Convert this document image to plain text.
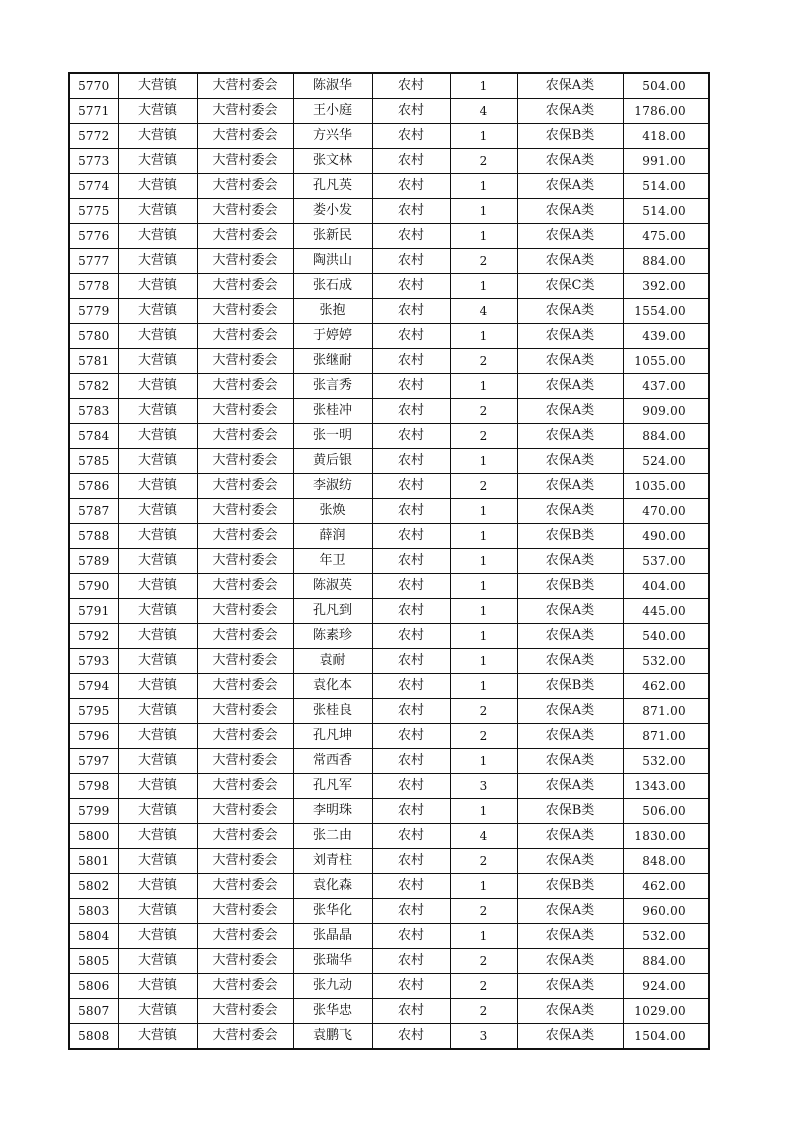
5770	大营镇	大营村委会	陈淑华	农村	1	农保A类	504.00
5771	大营镇	大营村委会	王小庭	农村	4	农保A类	1786.00
5772	大营镇	大营村委会	方兴华	农村	1	农保B类	418.00
5773	大营镇	大营村委会	张文林	农村	2	农保A类	991.00
5774	大营镇	大营村委会	孔凡英	农村	1	农保A类	514.00
5775	大营镇	大营村委会	娄小发	农村	1	农保A类	514.00
5776	大营镇	大营村委会	张新民	农村	1	农保A类	475.00
5777	大营镇	大营村委会	陶洪山	农村	2	农保A类	884.00
5778	大营镇	大营村委会	张石成	农村	1	农保C类	392.00
5779	大营镇	大营村委会	张抱	农村	4	农保A类	1554.00
5780	大营镇	大营村委会	于婷婷	农村	1	农保A类	439.00
5781	大营镇	大营村委会	张继耐	农村	2	农保A类	1055.00
5782	大营镇	大营村委会	张言秀	农村	1	农保A类	437.00
5783	大营镇	大营村委会	张桂冲	农村	2	农保A类	909.00
5784	大营镇	大营村委会	张一明	农村	2	农保A类	884.00
5785	大营镇	大营村委会	黄后银	农村	1	农保A类	524.00
5786	大营镇	大营村委会	李淑纺	农村	2	农保A类	1035.00
5787	大营镇	大营村委会	张焕	农村	1	农保A类	470.00
5788	大营镇	大营村委会	薛润	农村	1	农保B类	490.00
5789	大营镇	大营村委会	年卫	农村	1	农保A类	537.00
5790	大营镇	大营村委会	陈淑英	农村	1	农保B类	404.00
5791	大营镇	大营村委会	孔凡到	农村	1	农保A类	445.00
5792	大营镇	大营村委会	陈素珍	农村	1	农保A类	540.00
5793	大营镇	大营村委会	袁耐	农村	1	农保A类	532.00
5794	大营镇	大营村委会	袁化本	农村	1	农保B类	462.00
5795	大营镇	大营村委会	张桂良	农村	2	农保A类	871.00
5796	大营镇	大营村委会	孔凡坤	农村	2	农保A类	871.00
5797	大营镇	大营村委会	常西香	农村	1	农保A类	532.00
5798	大营镇	大营村委会	孔凡军	农村	3	农保A类	1343.00
5799	大营镇	大营村委会	李明珠	农村	1	农保B类	506.00
5800	大营镇	大营村委会	张二由	农村	4	农保A类	1830.00
5801	大营镇	大营村委会	刘青柱	农村	2	农保A类	848.00
5802	大营镇	大营村委会	袁化森	农村	1	农保B类	462.00
5803	大营镇	大营村委会	张华化	农村	2	农保A类	960.00
5804	大营镇	大营村委会	张晶晶	农村	1	农保A类	532.00
5805	大营镇	大营村委会	张瑞华	农村	2	农保A类	884.00
5806	大营镇	大营村委会	张九动	农村	2	农保A类	924.00
5807	大营镇	大营村委会	张华忠	农村	2	农保A类	1029.00
5808	大营镇	大营村委会	袁鹏飞	农村	3	农保A类	1504.00
